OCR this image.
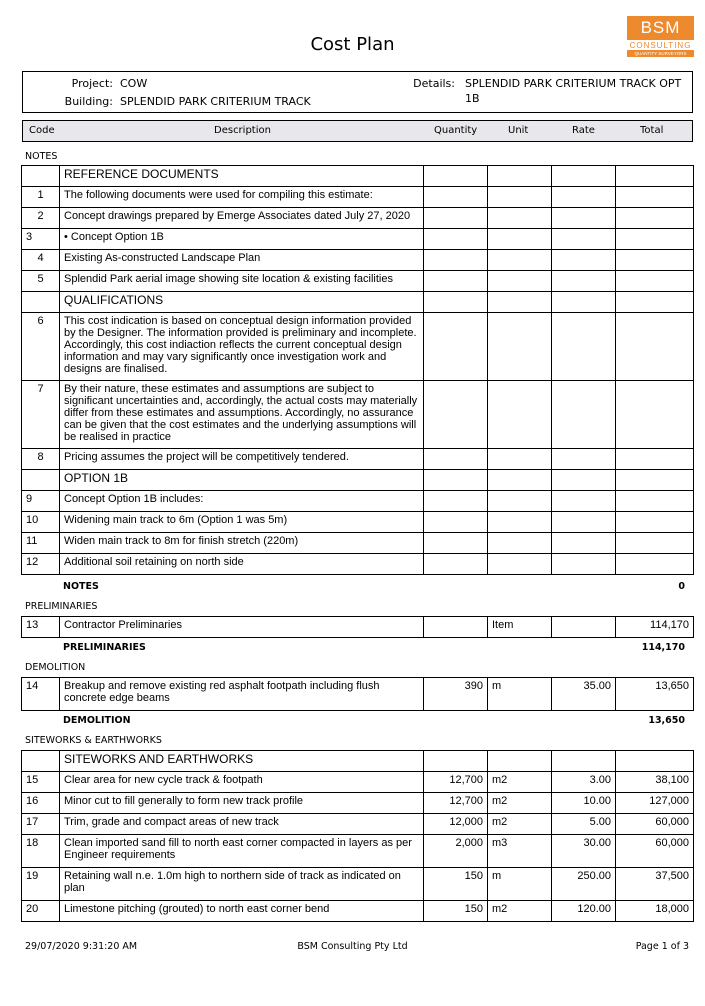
Cost Plan
BSM
CONSULTING
QUANTITY SURVEYORS
Project: COW
Building: SPLENDID PARK CRITERIUM TRACK
Details: SPLENDID PARK CRITERIUM TRACK OPT
1B
Code	Description	Quantity	Unit	Rate	Total
NOTES
	REFERENCE DOCUMENTS				
1	The following documents were used for compiling this estimate:				
2	Concept drawings prepared by Emerge Associates dated July 27, 2020				
3	• Concept Option 1B				
4	Existing As-constructed Landscape Plan				
5	Splendid Park aerial image showing site location & existing facilities				
	QUALIFICATIONS				
6	This cost indication is based on conceptual design information provided by the Designer. The information provided is preliminary and incomplete. Accordingly, this cost indiaction reflects the current conceptual design information and may vary significantly once investigation work and designs are finalised.				
7	By their nature, these estimates and assumptions are subject to significant uncertainties and, accordingly, the actual costs may materially differ from these estimates and assumptions. Accordingly, no assurance can be given that the cost estimates and the underlying assumptions will be realised in practice				
8	Pricing assumes the project will be competitively tendered.				
	OPTION 1B				
9	Concept Option 1B includes:				
10	Widening main track to 6m (Option 1 was 5m)				
11	Widen main track to 8m for finish stretch (220m)				
12	Additional soil retaining on north side				
NOTES	0
PRELIMINARIES
13	Contractor Preliminaries		Item		114,170
PRELIMINARIES	114,170
DEMOLITION
14	Breakup and remove existing red asphalt footpath including flush concrete edge beams	390	m	35.00	13,650
DEMOLITION	13,650
SITEWORKS & EARTHWORKS
	SITEWORKS AND EARTHWORKS				
15	Clear area for new cycle track & footpath	12,700	m2	3.00	38,100
16	Minor cut to fill generally to form new track profile	12,700	m2	10.00	127,000
17	Trim, grade and compact areas of new track	12,000	m2	5.00	60,000
18	Clean imported sand fill to north east corner compacted in layers as per Engineer requirements	2,000	m3	30.00	60,000
19	Retaining wall n.e. 1.0m high to northern side of track as indicated on plan	150	m	250.00	37,500
20	Limestone pitching (grouted) to north east corner bend	150	m2	120.00	18,000
29/07/2020 9:31:20 AM	BSM Consulting Pty Ltd	Page 1 of 3
